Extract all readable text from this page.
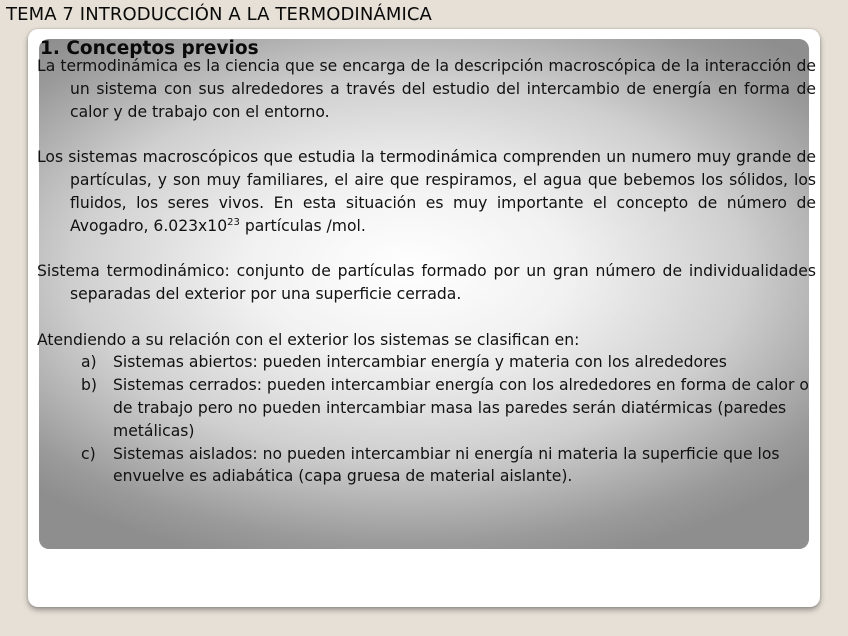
TEMA 7 INTRODUCCIÓN A LA TERMODINÁMICA
1. Conceptos previos

La termodinámica es la ciencia que se encarga de la descripción macroscópica de la interacción de un sistema con sus alrededores a través del estudio del intercambio de energía en forma de calor y de trabajo con el entorno.

Los sistemas macroscópicos que estudia la termodinámica comprenden un numero muy grande de partículas, y son muy familiares, el aire que respiramos, el agua que bebemos los sólidos, los fluidos, los seres vivos. En esta situación es muy importante el concepto de número de Avogadro, $6.023x10^{23}$ partículas /mol.

Sistema termodinámico: conjunto de partículas formado por un gran número de individualidades separadas del exterior por una superficie cerrada.

Atendiendo a su relación con el exterior los sistemas se clasifican en:

a) Sistemas abiertos: pueden intercambiar energía y materia con los alrededores
b) Sistemas cerrados: pueden intercambiar energía con los alrededores en forma de calor o de trabajo pero no pueden intercambiar masa las paredes serán diatérmicas (paredes metálicas)
c) Sistemas aislados: no pueden intercambiar ni energía ni materia la superficie que los envuelve es adiabática (capa gruesa de material aislante).
